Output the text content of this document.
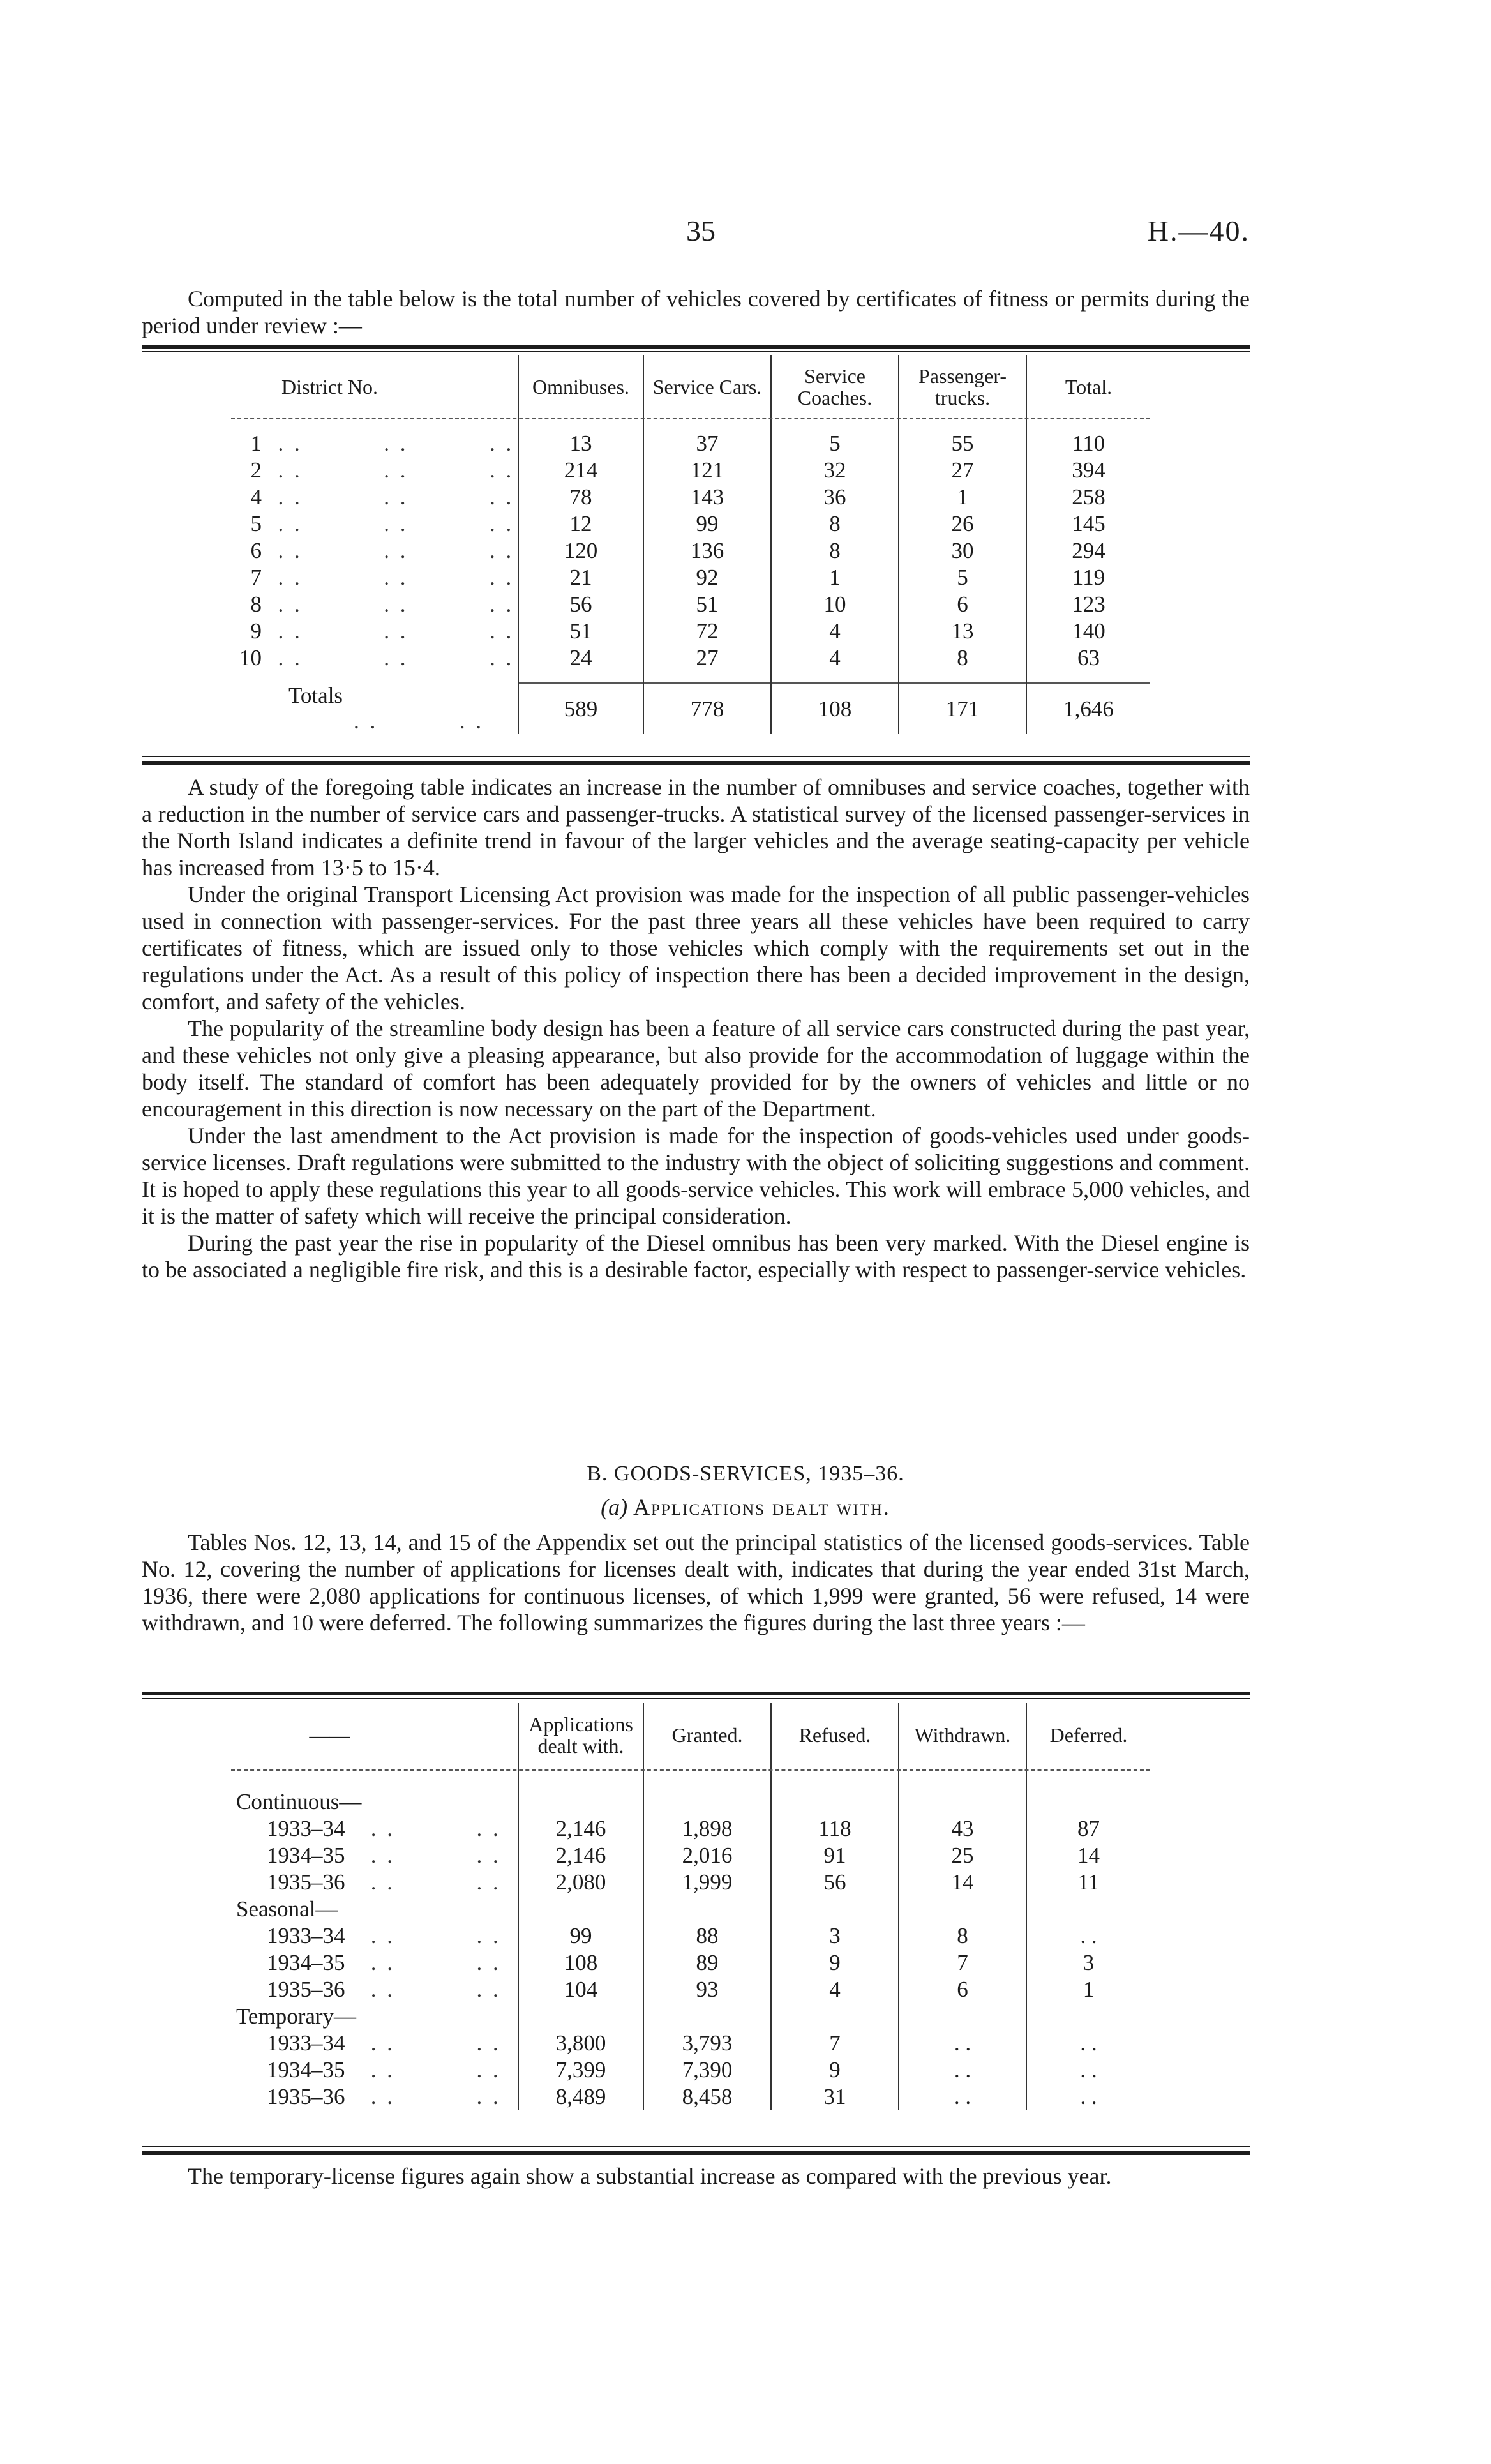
35	H.—40.

Computed in the table below is the total number of vehicles covered by certificates of fitness or permits during the period under review :—

District No.	Omnibuses.	Service Cars.	Service Coaches.	Passenger-trucks.	Total.

1  . .          . .          . .	13	37	5	55	110
2  . .          . .          . .	214	121	32	27	394
4  . .          . .          . .	78	143	36	1	258
5  . .          . .          . .	12	99	8	26	145
6  . .          . .          . .	120	136	8	30	294
7  . .          . .          . .	21	92	1	5	119
8  . .          . .          . .	56	51	10	6	123
9  . .          . .          . .	51	72	4	13	140
10  . .          . .          . .	24	27	4	8	63

Totals        . .          . .	589	778	108	171	1,646

A study of the foregoing table indicates an increase in the number of omnibuses and service coaches, together with a reduction in the number of service cars and passenger-trucks. A statistical survey of the licensed passenger-services in the North Island indicates a definite trend in favour of the larger vehicles and the average seating-capacity per vehicle has increased from 13·5 to 15·4.

Under the original Transport Licensing Act provision was made for the inspection of all public passenger-vehicles used in connection with passenger-services. For the past three years all these vehicles have been required to carry certificates of fitness, which are issued only to those vehicles which comply with the requirements set out in the regulations under the Act. As a result of this policy of inspection there has been a decided improvement in the design, comfort, and safety of the vehicles.

The popularity of the streamline body design has been a feature of all service cars constructed during the past year, and these vehicles not only give a pleasing appearance, but also provide for the accommodation of luggage within the body itself. The standard of comfort has been adequately provided for by the owners of vehicles and little or no encouragement in this direction is now necessary on the part of the Department.

Under the last amendment to the Act provision is made for the inspection of goods-vehicles used under goods-service licenses. Draft regulations were submitted to the industry with the object of soliciting suggestions and comment. It is hoped to apply these regulations this year to all goods-service vehicles. This work will embrace 5,000 vehicles, and it is the matter of safety which will receive the principal consideration.

During the past year the rise in popularity of the Diesel omnibus has been very marked. With the Diesel engine is to be associated a negligible fire risk, and this is a desirable factor, especially with respect to passenger-service vehicles.

B. GOODS-SERVICES, 1935–36.
(a) Applications dealt with.

Tables Nos. 12, 13, 14, and 15 of the Appendix set out the principal statistics of the licensed goods-services. Table No. 12, covering the number of applications for licenses dealt with, indicates that during the year ended 31st March, 1936, there were 2,080 applications for continuous licenses, of which 1,999 were granted, 56 were refused, 14 were withdrawn, and 10 were deferred. The following summarizes the figures during the last three years :—

——	Applications dealt with.	Granted.	Refused.	Withdrawn.	Deferred.

Continuous—					
1933–34 . .          . .	2,146	1,898	118	43	87
1934–35 . .          . .	2,146	2,016	91	25	14
1935–36 . .          . .	2,080	1,999	56	14	11
Seasonal—					
1933–34 . .          . .	99	88	3	8	. .
1934–35 . .          . .	108	89	9	7	3
1935–36 . .          . .	104	93	4	6	1
Temporary—					
1933–34 . .          . .	3,800	3,793	7	. .	. .
1934–35 . .          . .	7,399	7,390	9	. .	. .
1935–36 . .          . .	8,489	8,458	31	. .	. .

The temporary-license figures again show a substantial increase as compared with the previous year.
